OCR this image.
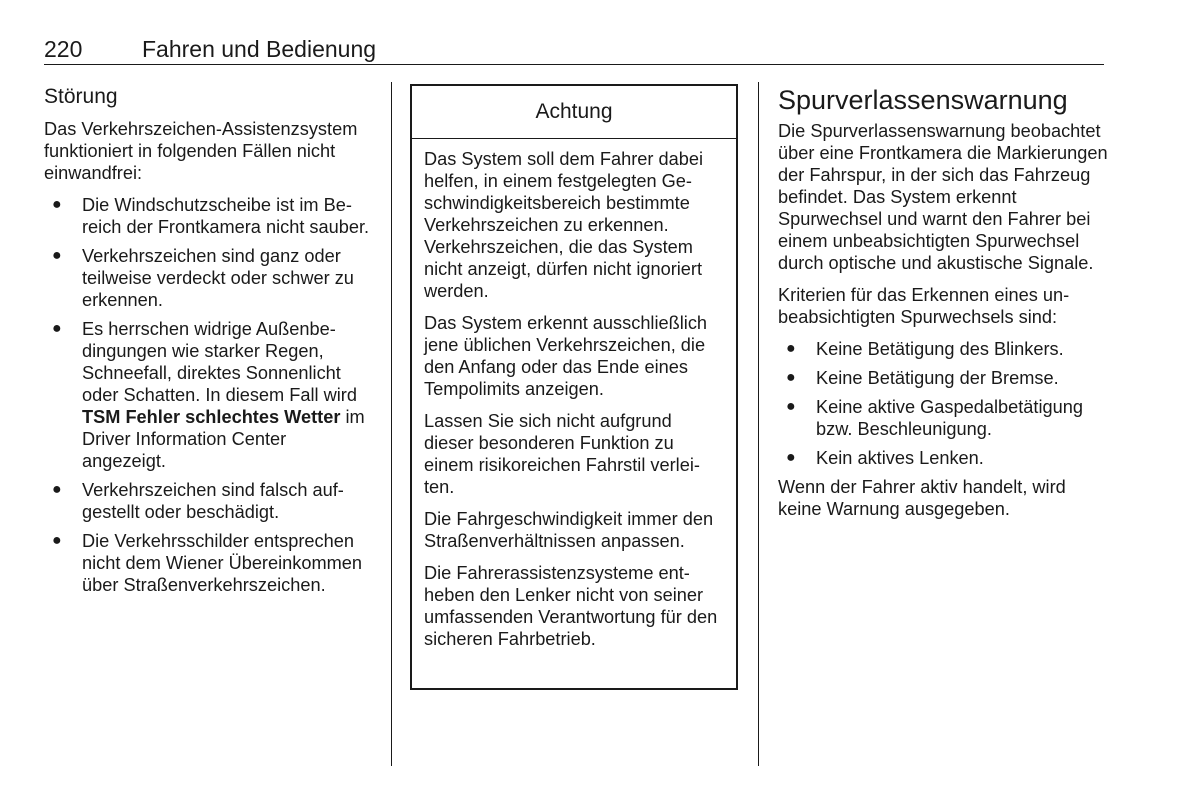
220	Fahren und Bedienung
Störung

Das Verkehrszeichen-Assistenzsystem funktioniert in folgenden Fällen nicht einwandfrei:

● Die Windschutzscheibe ist im Bereich der Frontkamera nicht sauber.
● Verkehrszeichen sind ganz oder teilweise verdeckt oder schwer zu erkennen.
● Es herrschen widrige Außenbedingungen wie starker Regen, Schneefall, direktes Sonnenlicht oder Schatten. In diesem Fall wird TSM Fehler schlechtes Wetter im Driver Information Center angezeigt.
● Verkehrszeichen sind falsch aufgestellt oder beschädigt.
● Die Verkehrsschilder entsprechen nicht dem Wiener Übereinkommen über Straßenverkehrszeichen.
Achtung

Das System soll dem Fahrer dabei helfen, in einem festgelegten Geschwindigkeitsbereich bestimmte Verkehrszeichen zu erkennen. Verkehrszeichen, die das System nicht anzeigt, dürfen nicht ignoriert werden.

Das System erkennt ausschließlich jene üblichen Verkehrszeichen, die den Anfang oder das Ende eines Tempolimits anzeigen.

Lassen Sie sich nicht aufgrund dieser besonderen Funktion zu einem risikoreichen Fahrstil verleiten.

Die Fahrgeschwindigkeit immer den Straßenverhältnissen anpassen.

Die Fahrerassistenzsysteme entheben den Lenker nicht von seiner umfassenden Verantwortung für den sicheren Fahrbetrieb.

Spurverlassenswarnung

Die Spurverlassenswarnung beobachtet über eine Frontkamera die Markierungen der Fahrspur, in der sich das Fahrzeug befindet. Das System erkennt Spurwechsel und warnt den Fahrer bei einem unbeabsichtigten Spurwechsel durch optische und akustische Signale.

Kriterien für das Erkennen eines unbeabsichtigten Spurwechsels sind:

● Keine Betätigung des Blinkers.
● Keine Betätigung der Bremse.
● Keine aktive Gaspedalbetätigung bzw. Beschleunigung.
● Kein aktives Lenken.

Wenn der Fahrer aktiv handelt, wird keine Warnung ausgegeben.
